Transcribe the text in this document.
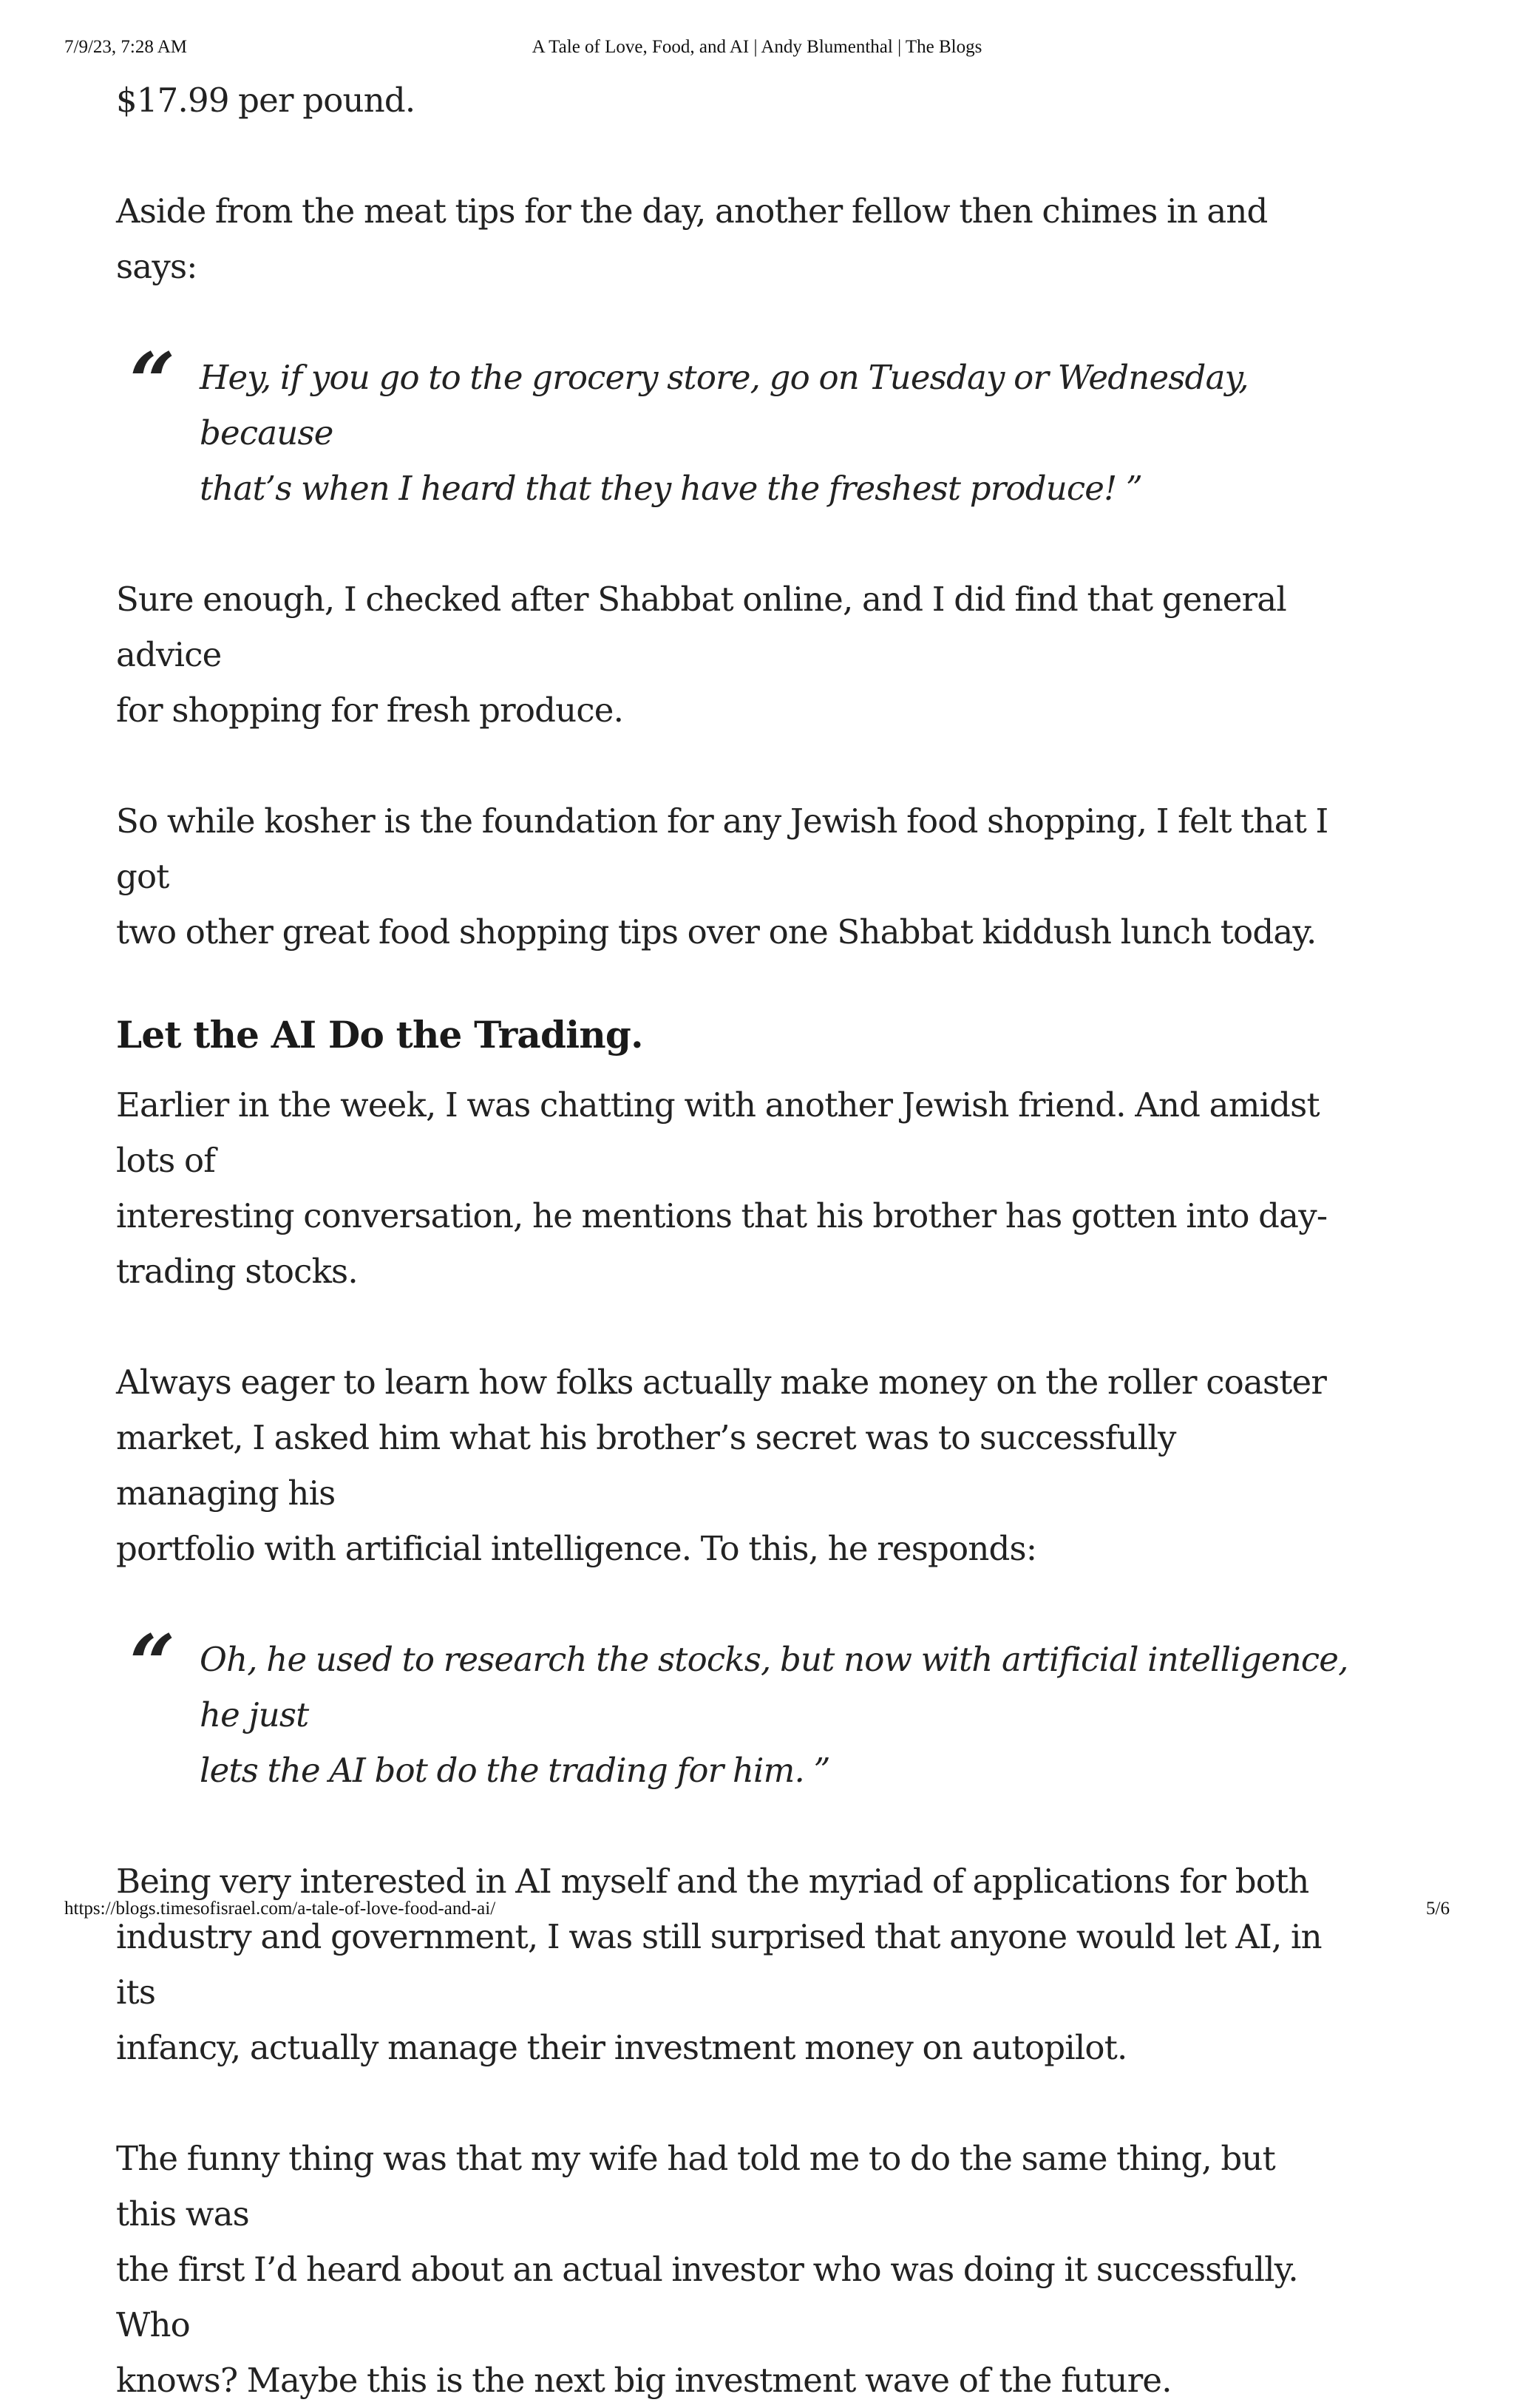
7/9/23, 7:28 AM	A Tale of Love, Food, and AI | Andy Blumenthal | The Blogs

$17.99 per pound.

Aside from the meat tips for the day, another fellow then chimes in and says:

“ Hey, if you go to the grocery store, go on Tuesday or Wednesday, because

that’s when I heard that they have the freshest produce! ”

Sure enough, I checked after Shabbat online, and I did find that general advice

for shopping for fresh produce.

So while kosher is the foundation for any Jewish food shopping, I felt that I got

two other great food shopping tips over one Shabbat kiddush lunch today.

Let the AI Do the Trading.

Earlier in the week, I was chatting with another Jewish friend. And amidst lots of

interesting conversation, he mentions that his brother has gotten into day-

trading stocks.

Always eager to learn how folks actually make money on the roller coaster

market, I asked him what his brother’s secret was to successfully managing his

portfolio with artificial intelligence. To this, he responds:

“ Oh, he used to research the stocks, but now with artificial intelligence, he just

lets the AI bot do the trading for him. ”

Being very interested in AI myself and the myriad of applications for both

industry and government, I was still surprised that anyone would let AI, in its

infancy, actually manage their investment money on autopilot.

The funny thing was that my wife had told me to do the same thing, but this was

the first I’d heard about an actual investor who was doing it successfully. Who

knows? Maybe this is the next big investment wave of the future.

https://blogs.timesofisrael.com/a-tale-of-love-food-and-ai/	5/6
